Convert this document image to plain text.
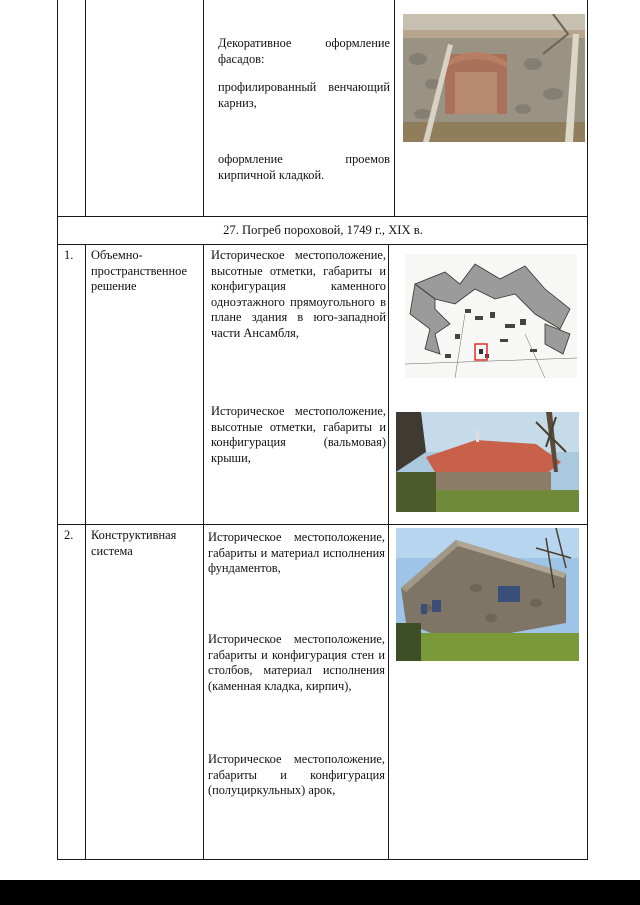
Декоративное оформление фасадов:
профилированный венчающий карниз,
оформление проемов кирпичной кладкой.
27. Погреб пороховой, 1749 г., XIX в.
1. Объемно-пространственное решение
Историческое местоположение, высотные отметки, габариты и конфигурация каменного одноэтажного прямоугольного в плане здания в юго-западной части Ансамбля,
Историческое местоположение, высотные отметки, габариты и конфигурация (вальмовая) крыши,
2. Конструктивная система
Историческое местоположение, габариты и материал исполнения фундаментов,
Историческое местоположение, габариты и конфигурация стен и столбов, материал исполнения (каменная кладка, кирпич),
Историческое местоположение, габариты и конфигурация (полуциркульных) арок,
